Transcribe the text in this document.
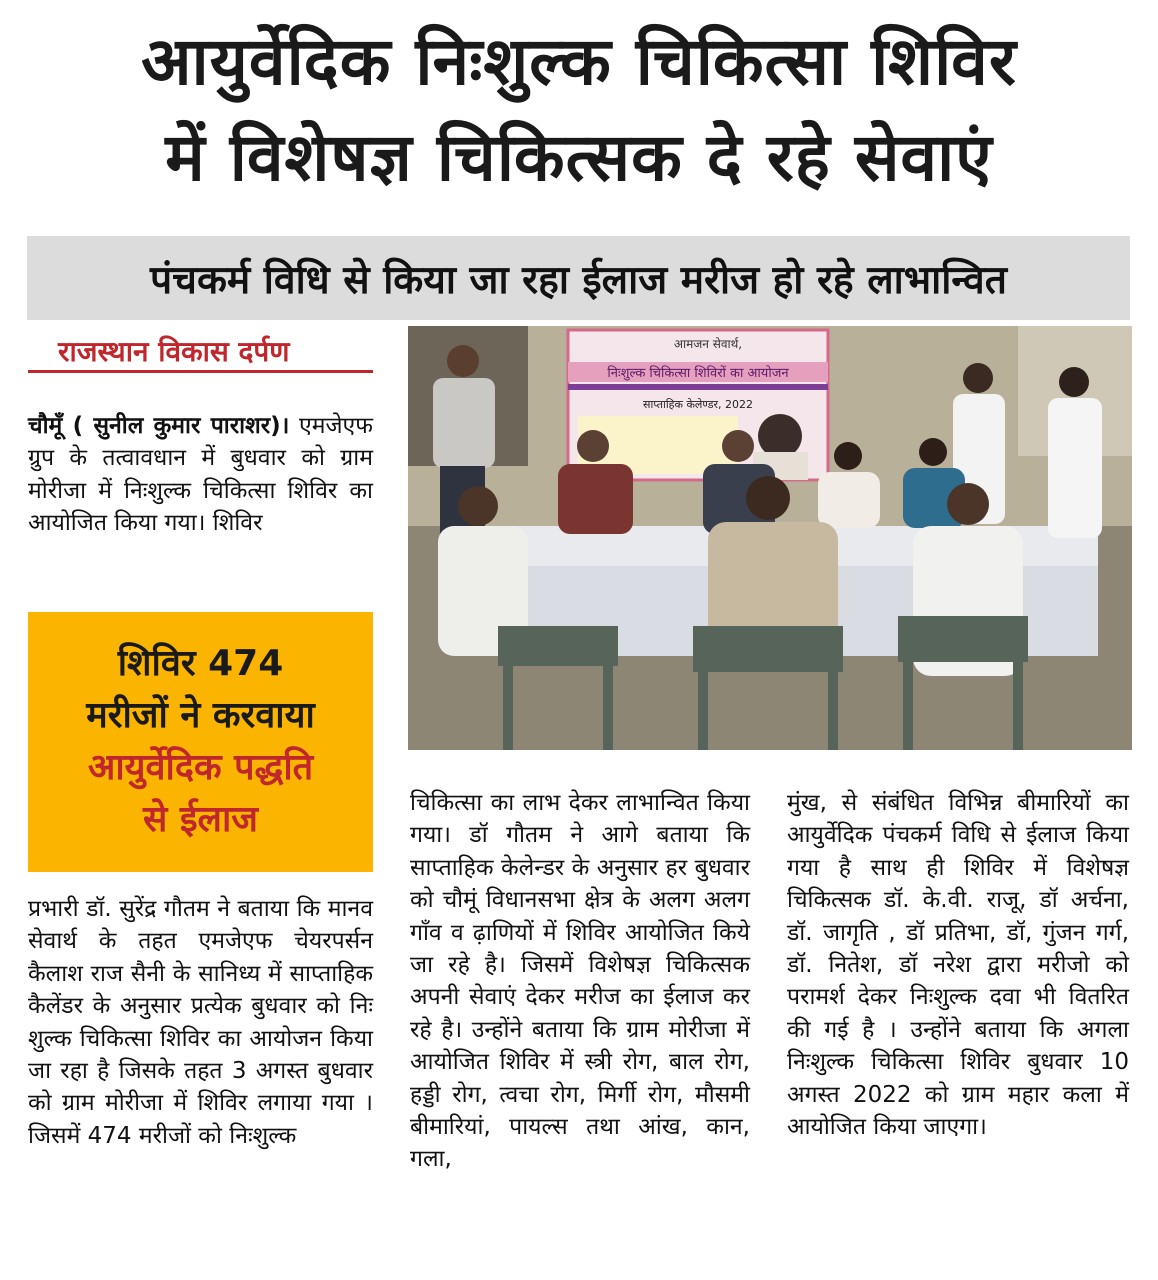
आयुर्वेदिक निःशुल्क चिकित्सा शिविर
में विशेषज्ञ चिकित्सक दे रहे सेवाएं
पंचकर्म विधि से किया जा रहा ईलाज मरीज हो रहे लाभान्वित
राजस्थान विकास दर्पण

चौमूँ ( सुनील कुमार पाराशर)। एमजेएफ ग्रुप के तत्वावधान में बुधवार को ग्राम मोरीजा में निःशुल्क चिकित्सा शिविर का आयोजित किया गया। शिविर

शिविर 474
मरीजों ने करवाया
आयुर्वेदिक पद्धति
से ईलाज

प्रभारी डॉ. सुरेंद्र गौतम ने बताया कि मानव सेवार्थ के तहत एमजेएफ चेयरपर्सन कैलाश राज सैनी के सानिध्य में साप्ताहिक कैलेंडर के अनुसार प्रत्येक बुधवार को निः शुल्क चिकित्सा शिविर का आयोजन किया जा रहा है जिसके तहत 3 अगस्त बुधवार को ग्राम मोरीजा में शिविर लगाया गया । जिसमें 474 मरीजों को निःशुल्क

आमजन सेवार्थ,
निःशुल्क चिकित्सा शिविरों का आयोजन
साप्ताहिक केलेण्डर, 2022

चिकित्सा का लाभ देकर लाभान्वित किया गया। डॉ गौतम ने आगे बताया कि साप्ताहिक केलेन्डर के अनुसार हर बुधवार को चौमूं विधानसभा क्षेत्र के अलग अलग गाँव व ढ़ाणियों में शिविर आयोजित किये जा रहे है। जिसमें विशेषज्ञ चिकित्सक अपनी सेवाएं देकर मरीज का ईलाज कर रहे है। उन्होंने बताया कि ग्राम मोरीजा में आयोजित शिविर में स्त्री रोग, बाल रोग, हड्डी रोग, त्वचा रोग, मिर्गी रोग, मौसमी बीमारियां, पायल्स तथा आंख, कान, गला,

मुंख, से संबंधित विभिन्न बीमारियों का आयुर्वेदिक पंचकर्म विधि से ईलाज किया गया है साथ ही शिविर में विशेषज्ञ चिकित्सक डॉ. के.वी. राजू, डॉ अर्चना, डॉ. जागृति , डॉ प्रतिभा, डॉ, गुंजन गर्ग, डॉ. नितेश, डॉ नरेश द्वारा मरीजो को परामर्श देकर निःशुल्क दवा भी वितरित की गई है । उन्होंने बताया कि अगला निःशुल्क चिकित्सा शिविर बुधवार 10 अगस्त 2022 को ग्राम महार कला में आयोजित किया जाएगा।
